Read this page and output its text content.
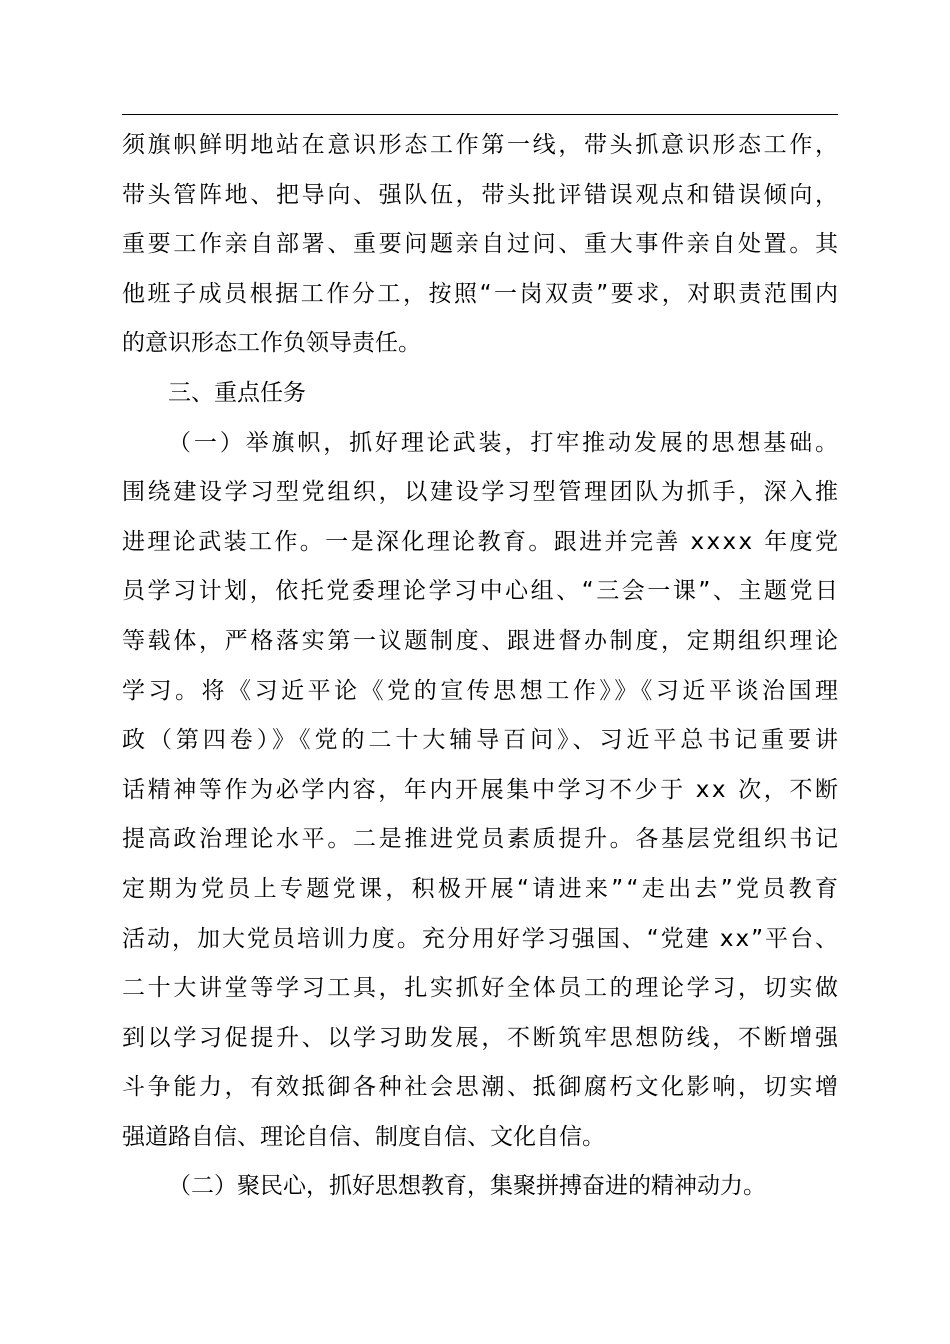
须旗帜鲜明地站在意识形态工作第一线，带头抓意识形态工作，
带头管阵地、把导向、强队伍，带头批评错误观点和错误倾向，
重要工作亲自部署、重要问题亲自过问、重大事件亲自处置。其
他班子成员根据工作分工，按照“一岗双责”要求，对职责范围内
的意识形态工作负领导责任。

三、重点任务

（一）举旗帜，抓好理论武装，打牢推动发展的思想基础。
围绕建设学习型党组织，以建设学习型管理团队为抓手，深入推
进理论武装工作。一是深化理论教育。跟进并完善 xxxx 年度党
员学习计划，依托党委理论学习中心组、“三会一课”、主题党日
等载体，严格落实第一议题制度、跟进督办制度，定期组织理论
学习。将《习近平论《党的宣传思想工作》》《习近平谈治国理
政（第四卷）》《党的二十大辅导百问》、习近平总书记重要讲
话精神等作为必学内容，年内开展集中学习不少于 xx 次，不断
提高政治理论水平。二是推进党员素质提升。各基层党组织书记
定期为党员上专题党课，积极开展“请进来”“走出去”党员教育
活动，加大党员培训力度。充分用好学习强国、“党建 xx”平台、
二十大讲堂等学习工具，扎实抓好全体员工的理论学习，切实做
到以学习促提升、以学习助发展，不断筑牢思想防线，不断增强
斗争能力，有效抵御各种社会思潮、抵御腐朽文化影响，切实增
强道路自信、理论自信、制度自信、文化自信。

（二）聚民心，抓好思想教育，集聚拼搏奋进的精神动力。
